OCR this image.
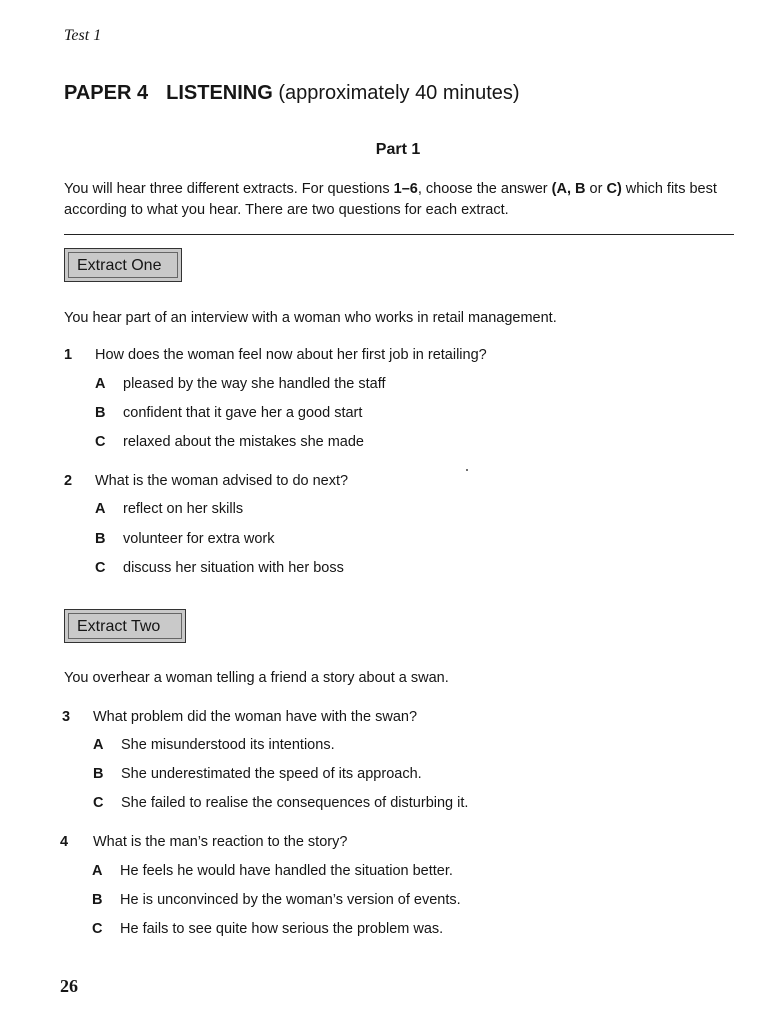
Test 1
PAPER 4 LISTENING (approximately 40 minutes)
Part 1
You will hear three different extracts. For questions 1–6, choose the answer (A, B or C) which fits best according to what you hear. There are two questions for each extract.
Extract One
You hear part of an interview with a woman who works in retail management.
1 How does the woman feel now about her first job in retailing?
A pleased by the way she handled the staff
B confident that it gave her a good start
C relaxed about the mistakes she made
2 What is the woman advised to do next?
A reflect on her skills
B volunteer for extra work
C discuss her situation with her boss
Extract Two
You overhear a woman telling a friend a story about a swan.
3 What problem did the woman have with the swan?
A She misunderstood its intentions.
B She underestimated the speed of its approach.
C She failed to realise the consequences of disturbing it.
4 What is the man’s reaction to the story?
A He feels he would have handled the situation better.
B He is unconvinced by the woman’s version of events.
C He fails to see quite how serious the problem was.
26
